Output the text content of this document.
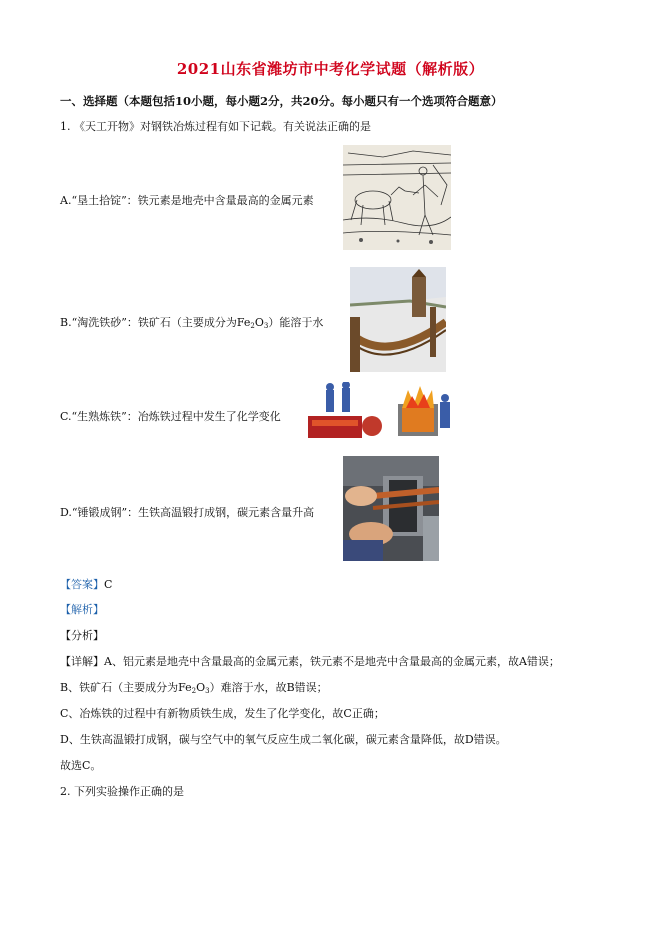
2021山东省潍坊市中考化学试题（解析版）
一、选择题（本题包括10小题，每小题2分，共20分。每小题只有一个选项符合题意）
1. 《天工开物》对钢铁冶炼过程有如下记载。有关说法正确的是
A.“垦土拾锭”：铁元素是地壳中含量最高的金属元素
B.“淘洗铁砂”：铁矿石（主要成分为$Fe_2O_3$）能溶于水
C.“生熟炼铁”：冶炼铁过程中发生了化学变化
D.“锤锻成钢”：生铁高温锻打成钢，碳元素含量升高
【答案】C
【解析】
【分析】
【详解】A、铝元素是地壳中含量最高的金属元素，铁元素不是地壳中含量最高的金属元素，故A错误；
B、铁矿石（主要成分为$Fe_2O_3$）难溶于水，故B错误；
C、冶炼铁的过程中有新物质铁生成，发生了化学变化，故C正确；
D、生铁高温锻打成钢，碳与空气中的氧气反应生成二氧化碳，碳元素含量降低，故D错误。
故选C。
2. 下列实验操作正确的是
